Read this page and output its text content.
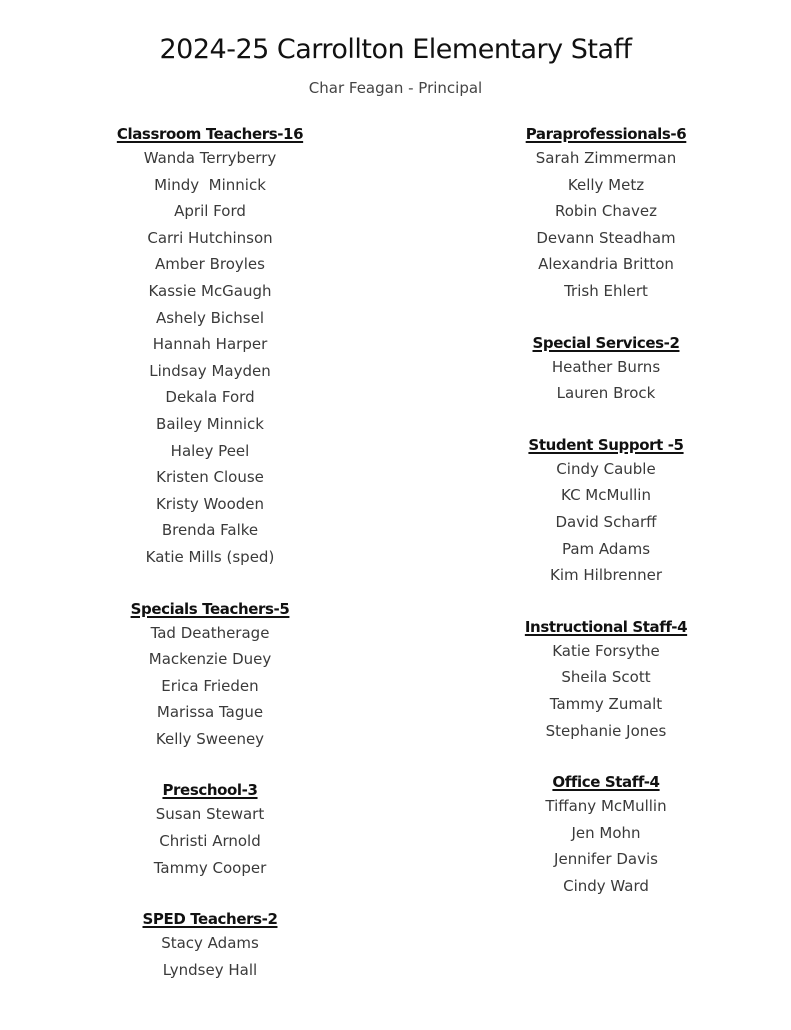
2024-25 Carrollton Elementary Staff
Char Feagan - Principal
Classroom Teachers-16
Wanda Terryberry
Mindy  Minnick
April Ford
Carri Hutchinson
Amber Broyles
Kassie McGaugh
Ashely Bichsel
Hannah Harper
Lindsay Mayden
Dekala Ford
Bailey Minnick
Haley Peel
Kristen Clouse
Kristy Wooden
Brenda Falke
Katie Mills (sped)
Specials Teachers-5
Tad Deatherage
Mackenzie Duey
Erica Frieden
Marissa Tague
Kelly Sweeney
Preschool-3
Susan Stewart
Christi Arnold
Tammy Cooper
SPED Teachers-2
Stacy Adams
Lyndsey Hall
Paraprofessionals-6
Sarah Zimmerman
Kelly Metz
Robin Chavez
Devann Steadham
Alexandria Britton
Trish Ehlert
Special Services-2
Heather Burns
Lauren Brock
Student Support -5
Cindy Cauble
KC McMullin
David Scharff
Pam Adams
Kim Hilbrenner
Instructional Staff-4
Katie Forsythe
Sheila Scott
Tammy Zumalt
Stephanie Jones
Office Staff-4
Tiffany McMullin
Jen Mohn
Jennifer Davis
Cindy Ward
